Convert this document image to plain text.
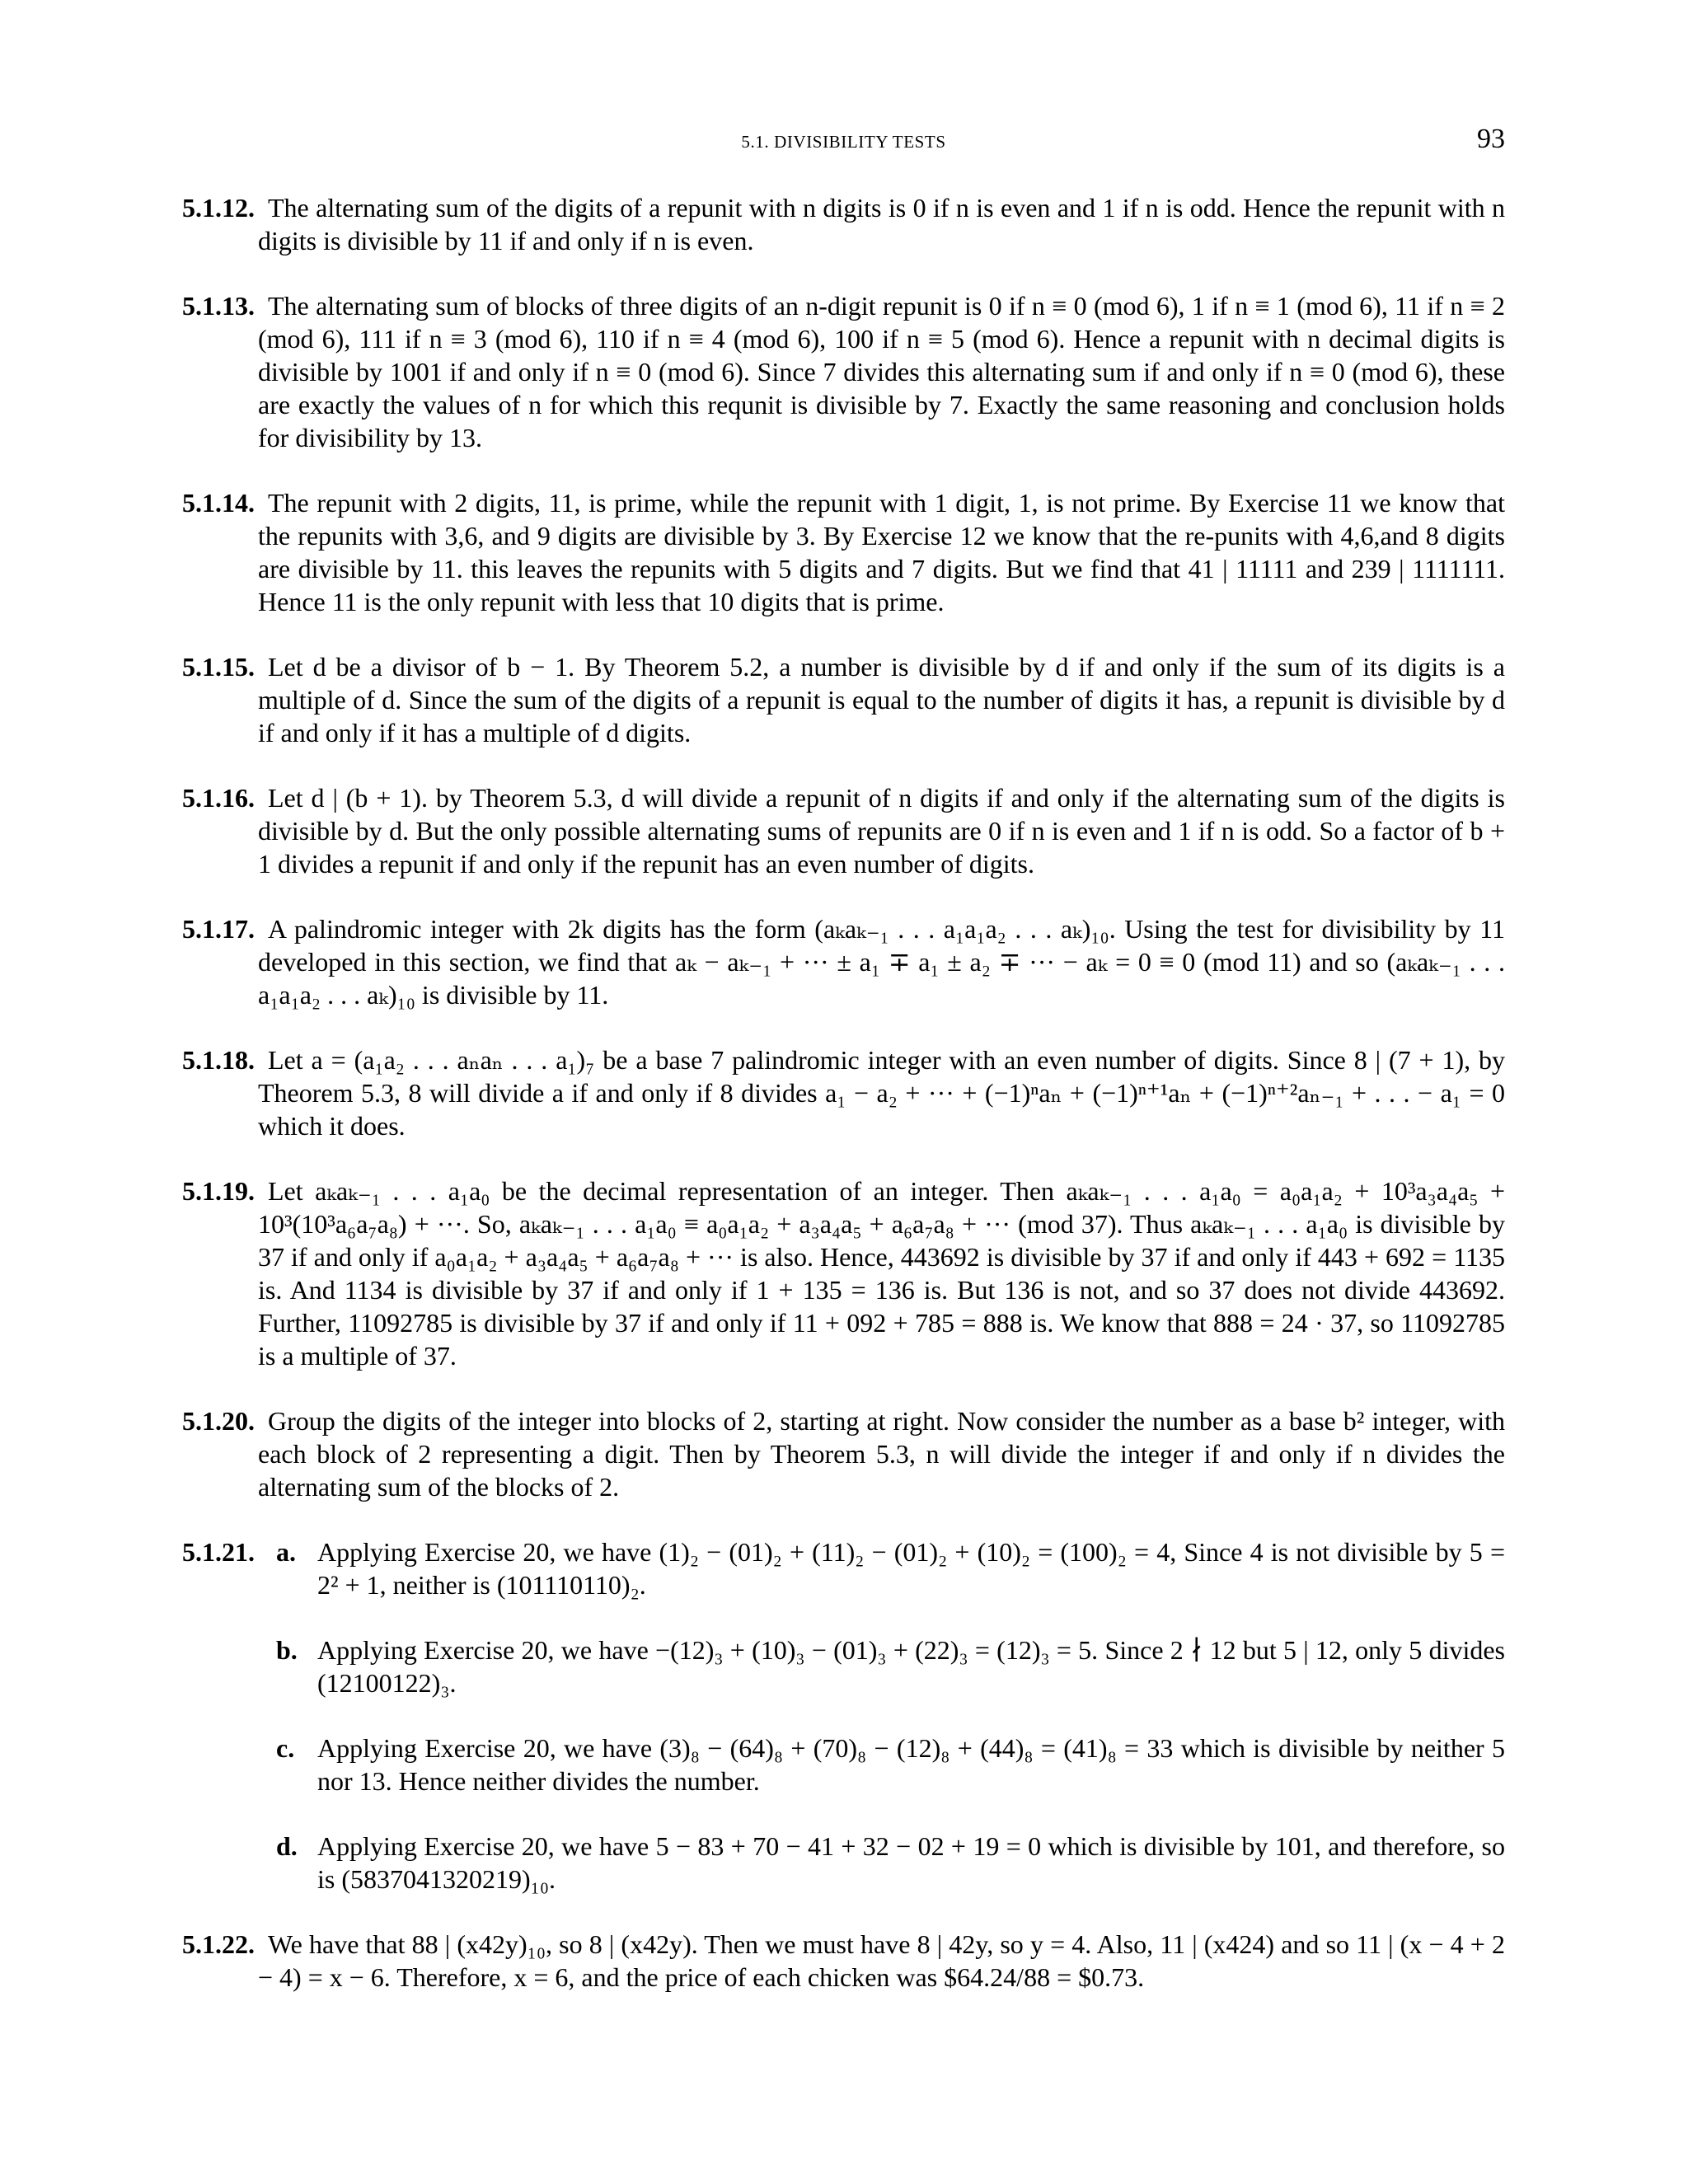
5.1. DIVISIBILITY TESTS	93

5.1.12. The alternating sum of the digits of a repunit with n digits is 0 if n is even and 1 if n is odd. Hence the repunit with n digits is divisible by 11 if and only if n is even.

5.1.13. The alternating sum of blocks of three digits of an n-digit repunit is 0 if n ≡ 0 (mod 6), 1 if n ≡ 1 (mod 6), 11 if n ≡ 2 (mod 6), 111 if n ≡ 3 (mod 6), 110 if n ≡ 4 (mod 6), 100 if n ≡ 5 (mod 6). Hence a repunit with n decimal digits is divisible by 1001 if and only if n ≡ 0 (mod 6). Since 7 divides this alternating sum if and only if n ≡ 0 (mod 6), these are exactly the values of n for which this requnit is divisible by 7. Exactly the same reasoning and conclusion holds for divisibility by 13.

5.1.14. The repunit with 2 digits, 11, is prime, while the repunit with 1 digit, 1, is not prime. By Exercise 11 we know that the repunits with 3,6, and 9 digits are divisible by 3. By Exercise 12 we know that the re-punits with 4,6,and 8 digits are divisible by 11. this leaves the repunits with 5 digits and 7 digits. But we find that 41 | 11111 and 239 | 1111111. Hence 11 is the only repunit with less that 10 digits that is prime.

5.1.15. Let d be a divisor of b − 1. By Theorem 5.2, a number is divisible by d if and only if the sum of its digits is a multiple of d. Since the sum of the digits of a repunit is equal to the number of digits it has, a repunit is divisible by d if and only if it has a multiple of d digits.

5.1.16. Let d | (b + 1). by Theorem 5.3, d will divide a repunit of n digits if and only if the alternating sum of the digits is divisible by d. But the only possible alternating sums of repunits are 0 if n is even and 1 if n is odd. So a factor of b + 1 divides a repunit if and only if the repunit has an even number of digits.

5.1.17. A palindromic integer with 2k digits has the form (aₖaₖ₋₁ . . . a₁a₁a₂ . . . aₖ)₁₀. Using the test for divisibility by 11 developed in this section, we find that aₖ − aₖ₋₁ + ··· ± a₁ ∓ a₁ ± a₂ ∓ ··· − aₖ = 0 ≡ 0 (mod 11) and so (aₖaₖ₋₁ . . . a₁a₁a₂ . . . aₖ)₁₀ is divisible by 11.

5.1.18. Let a = (a₁a₂ . . . aₙaₙ . . . a₁)₇ be a base 7 palindromic integer with an even number of digits. Since 8 | (7 + 1), by Theorem 5.3, 8 will divide a if and only if 8 divides a₁ − a₂ + ··· + (−1)ⁿaₙ + (−1)ⁿ⁺¹aₙ + (−1)ⁿ⁺²aₙ₋₁ + . . . − a₁ = 0 which it does.

5.1.19. Let aₖaₖ₋₁ . . . a₁a₀ be the decimal representation of an integer. Then aₖaₖ₋₁ . . . a₁a₀ = a₀a₁a₂ + 10³a₃a₄a₅ + 10³(10³a₆a₇a₈) + ···. So, aₖaₖ₋₁ . . . a₁a₀ ≡ a₀a₁a₂ + a₃a₄a₅ + a₆a₇a₈ + ··· (mod 37). Thus aₖaₖ₋₁ . . . a₁a₀ is divisible by 37 if and only if a₀a₁a₂ + a₃a₄a₅ + a₆a₇a₈ + ··· is also. Hence, 443692 is divisible by 37 if and only if 443 + 692 = 1135 is. And 1134 is divisible by 37 if and only if 1 + 135 = 136 is. But 136 is not, and so 37 does not divide 443692. Further, 11092785 is divisible by 37 if and only if 11 + 092 + 785 = 888 is. We know that 888 = 24 · 37, so 11092785 is a multiple of 37.

5.1.20. Group the digits of the integer into blocks of 2, starting at right. Now consider the number as a base b² integer, with each block of 2 representing a digit. Then by Theorem 5.3, n will divide the integer if and only if n divides the alternating sum of the blocks of 2.

5.1.21. a. Applying Exercise 20, we have (1)₂ − (01)₂ + (11)₂ − (01)₂ + (10)₂ = (100)₂ = 4, Since 4 is not divisible by 5 = 2² + 1, neither is (101110110)₂.
b. Applying Exercise 20, we have −(12)₃ + (10)₃ − (01)₃ + (22)₃ = (12)₃ = 5. Since 2 ∤ 12 but 5 | 12, only 5 divides (12100122)₃.
c. Applying Exercise 20, we have (3)₈ − (64)₈ + (70)₈ − (12)₈ + (44)₈ = (41)₈ = 33 which is divisible by neither 5 nor 13. Hence neither divides the number.
d. Applying Exercise 20, we have 5 − 83 + 70 − 41 + 32 − 02 + 19 = 0 which is divisible by 101, and therefore, so is (5837041320219)₁₀.

5.1.22. We have that 88 | (x42y)₁₀, so 8 | (x42y). Then we must have 8 | 42y, so y = 4. Also, 11 | (x424) and so 11 | (x − 4 + 2 − 4) = x − 6. Therefore, x = 6, and the price of each chicken was $64.24/88 = $0.73.
